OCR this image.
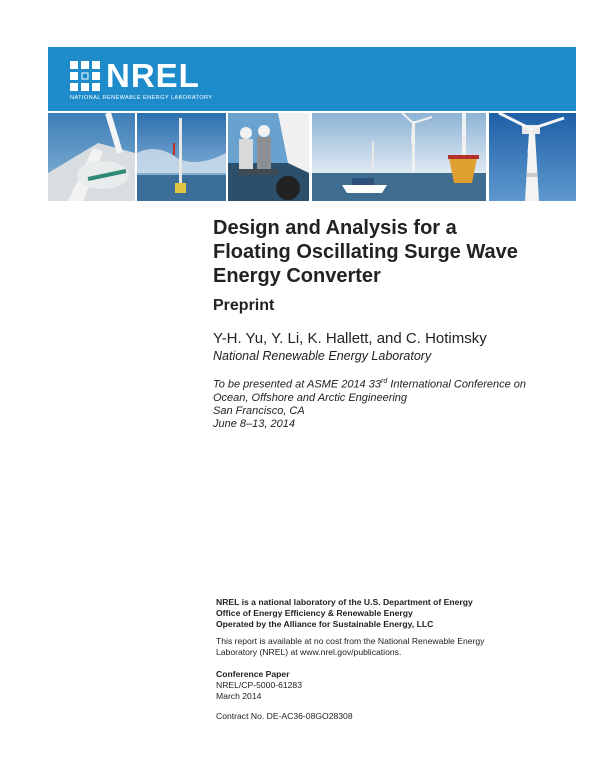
NREL
NATIONAL RENEWABLE ENERGY LABORATORY
Design and Analysis for a
Floating Oscillating Surge Wave
Energy Converter
Preprint
Y-H. Yu, Y. Li, K. Hallett, and C. Hotimsky
National Renewable Energy Laboratory
To be presented at ASME 2014 33rd International Conference on
Ocean, Offshore and Arctic Engineering
San Francisco, CA
June 8–13, 2014
NREL is a national laboratory of the U.S. Department of Energy
Office of Energy Efficiency & Renewable Energy
Operated by the Alliance for Sustainable Energy, LLC
This report is available at no cost from the National Renewable Energy
Laboratory (NREL) at www.nrel.gov/publications.
Conference Paper
NREL/CP-5000-61283
March 2014
Contract No. DE-AC36-08GO28308
